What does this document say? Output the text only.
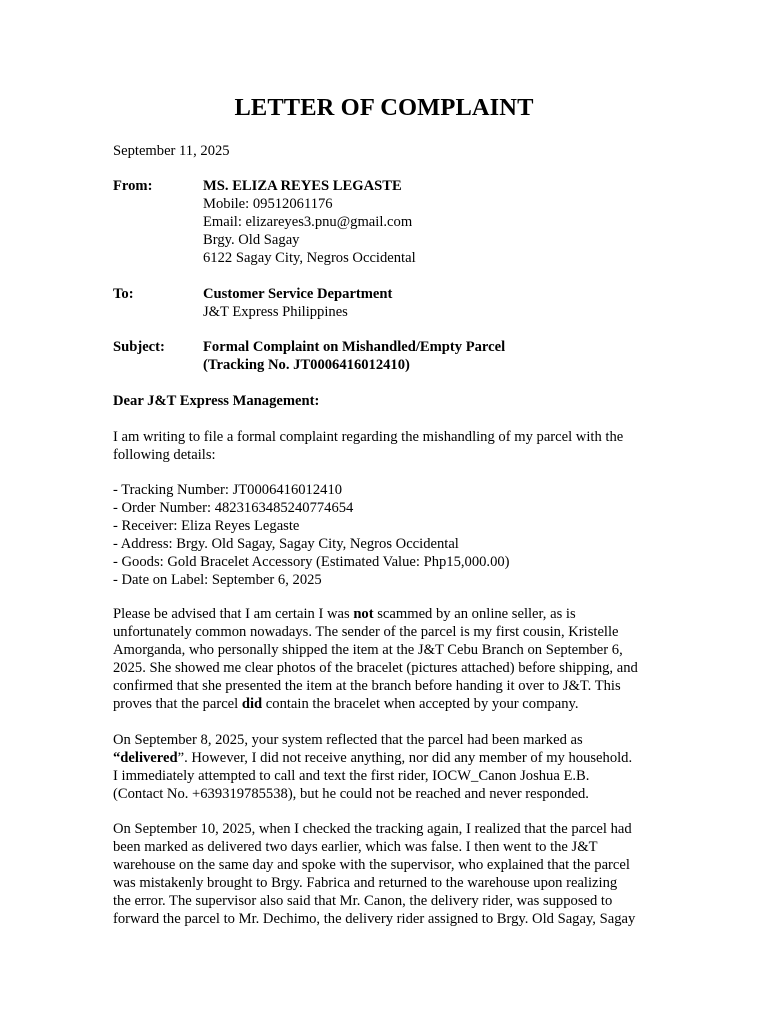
LETTER OF COMPLAINT
September 11, 2025
From:	MS. ELIZA REYES LEGASTE
Mobile: 09512061176
Email: elizareyes3.pnu@gmail.com
Brgy. Old Sagay
6122 Sagay City, Negros Occidental
To:	Customer Service Department
J&T Express Philippines
Subject:	Formal Complaint on Mishandled/Empty Parcel
(Tracking No. JT0006416012410)
Dear J&T Express Management:
I am writing to file a formal complaint regarding the mishandling of my parcel with the
following details:
- Tracking Number: JT0006416012410
- Order Number: 4823163485240774654
- Receiver: Eliza Reyes Legaste
- Address: Brgy. Old Sagay, Sagay City, Negros Occidental
- Goods: Gold Bracelet Accessory (Estimated Value: Php15,000.00)
- Date on Label: September 6, 2025
Please be advised that I am certain I was not scammed by an online seller, as is
unfortunately common nowadays. The sender of the parcel is my first cousin, Kristelle
Amorganda, who personally shipped the item at the J&T Cebu Branch on September 6,
2025. She showed me clear photos of the bracelet (pictures attached) before shipping, and
confirmed that she presented the item at the branch before handing it over to J&T. This
proves that the parcel did contain the bracelet when accepted by your company.
On September 8, 2025, your system reflected that the parcel had been marked as
“delivered”. However, I did not receive anything, nor did any member of my household.
I immediately attempted to call and text the first rider, IOCW_Canon Joshua E.B.
(Contact No. +639319785538), but he could not be reached and never responded.
On September 10, 2025, when I checked the tracking again, I realized that the parcel had
been marked as delivered two days earlier, which was false. I then went to the J&T
warehouse on the same day and spoke with the supervisor, who explained that the parcel
was mistakenly brought to Brgy. Fabrica and returned to the warehouse upon realizing
the error. The supervisor also said that Mr. Canon, the delivery rider, was supposed to
forward the parcel to Mr. Dechimo, the delivery rider assigned to Brgy. Old Sagay, Sagay
